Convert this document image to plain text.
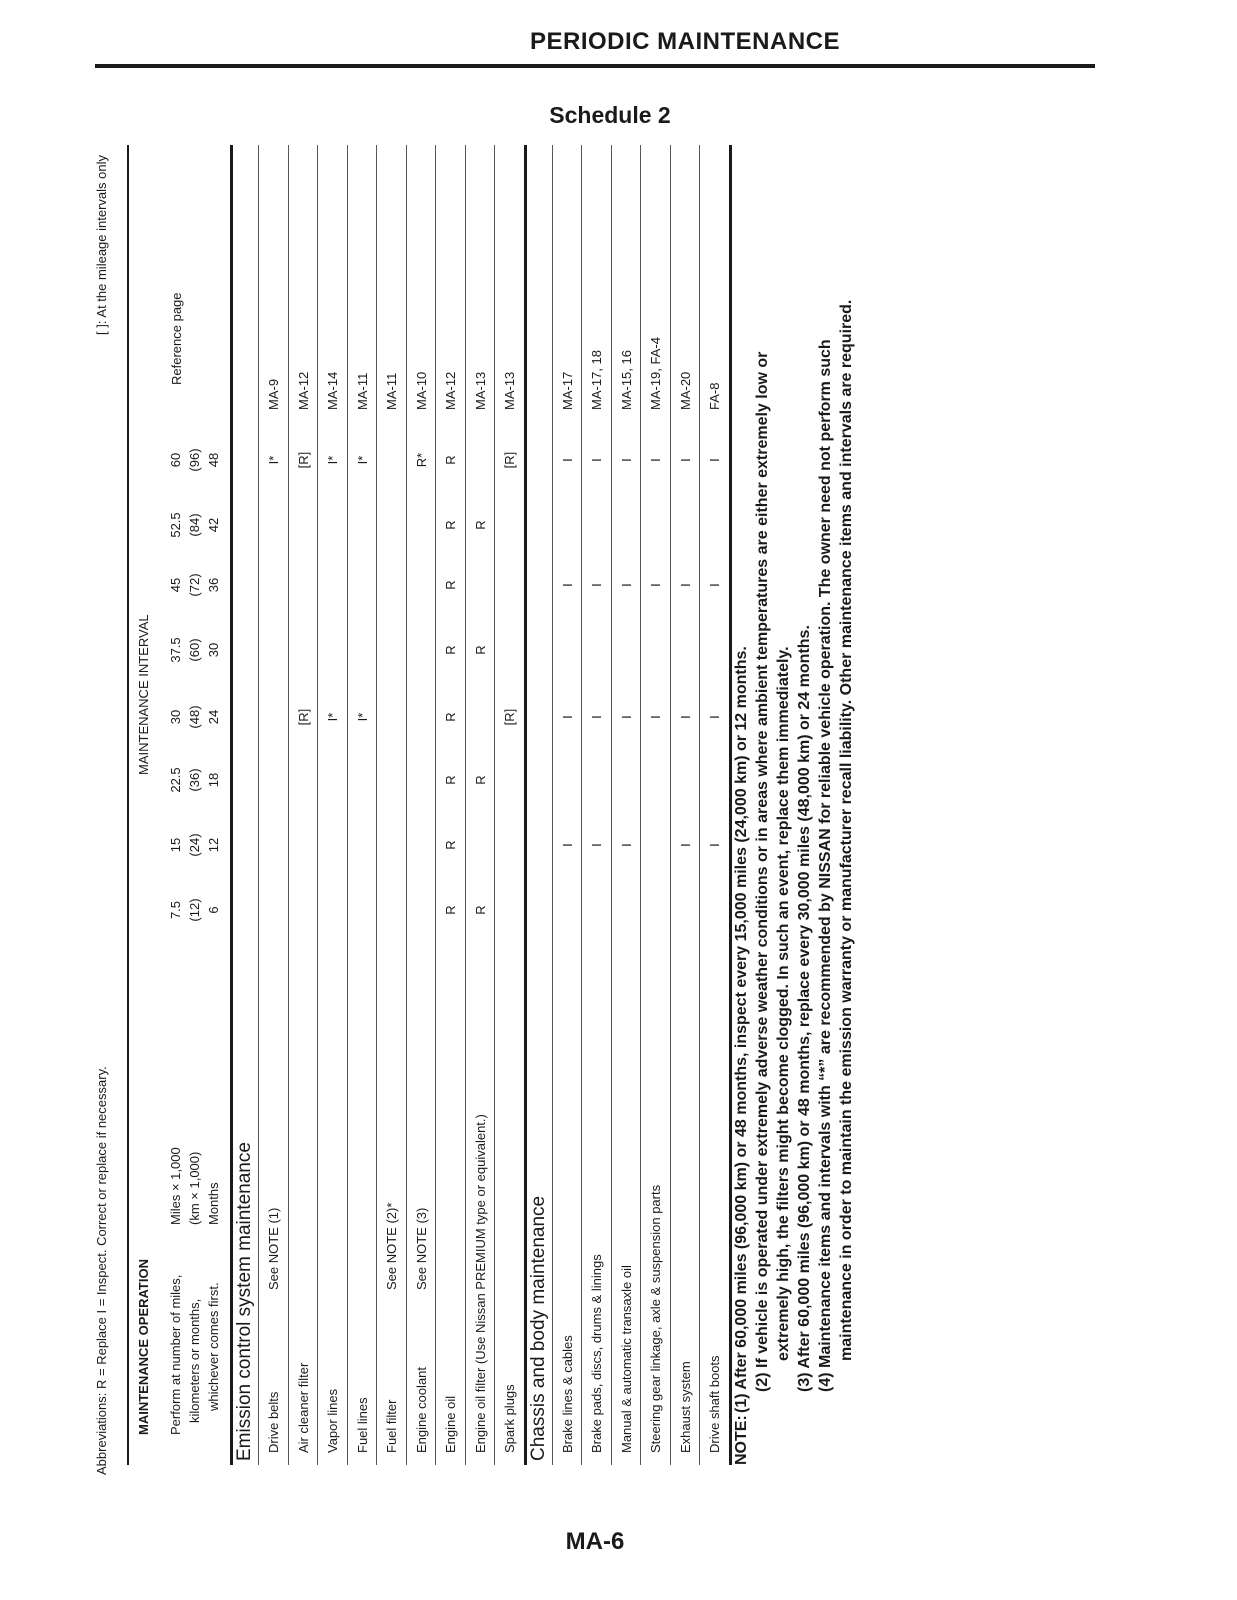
PERIODIC MAINTENANCE
Schedule 2
Abbreviations: R = Replace I = Inspect. Correct or replace if necessary.
[ ]: At the mileage intervals only
MAINTENANCE OPERATION
MAINTENANCE INTERVAL
Reference page
Perform at number of miles, kilometers or months, whichever comes first.
Miles × 1,000 (km × 1,000) Months
7.5 (12) 6
15 (24) 12
22.5 (36) 18
30 (48) 24
37.5 (60) 30
45 (72) 36
52.5 (84) 42
60 (96) 48
Emission control system maintenance Drive belts
See NOTE (1)
I*
MA-9
Air cleaner filter
[R]
[R]
MA-12
Vapor lines
I*
I*
MA-14
Fuel lines
I*
I*
MA-11
Fuel filter
See NOTE (2)*
MA-11
Engine coolant
See NOTE (3)
R*
MA-10
Engine oil
R
R
R
R
R
R
R
R
MA-12
Engine oil filter (Use Nissan PREMIUM type or equivalent.)
R
R
R
R
MA-13
Spark plugs
[R]
[R]
MA-13
Chassis and body maintenance Brake lines & cables
I
I
I
I
MA-17
Brake pads, discs, drums & linings
I
I
I
I
MA-17, 18
Manual & automatic transaxle oil
I
I
I
I
MA-15, 16
Steering gear linkage, axle & suspension parts
I
I
I
MA-19, FA-4
Exhaust system
I
I
I
I
MA-20
Drive shaft boots
I
I
I
I
FA-8
NOTE:
(1) After 60,000 miles (96,000 km) or 48 months, inspect every 15,000 miles (24,000 km) or 12 months. (2) If vehicle is operated under extremely adverse weather conditions or in areas where ambient temperatures are either extremely low or extremely high, the filters might become clogged. In such an event, replace them immediately. (3) After 60,000 miles (96,000 km) or 48 months, replace every 30,000 miles (48,000 km) or 24 months. (4) Maintenance items and intervals with “*” are recommended by NISSAN for reliable vehicle operation. The owner need not perform such maintenance in order to maintain the emission warranty or manufacturer recall liability. Other maintenance items and intervals are required.
MA-6
